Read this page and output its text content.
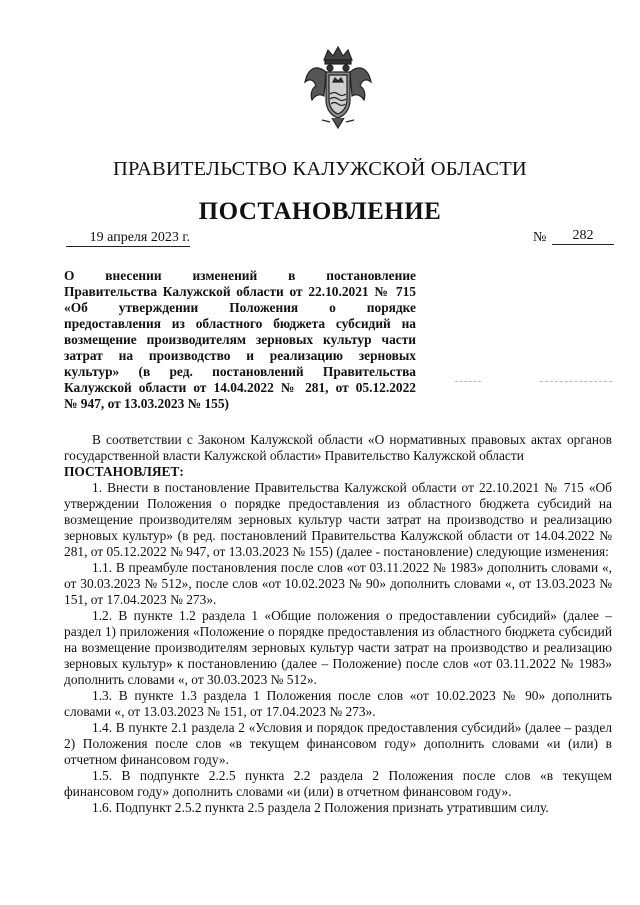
ПРАВИТЕЛЬСТВО КАЛУЖСКОЙ ОБЛАСТИ
ПОСТАНОВЛЕНИЕ
19 апреля 2023 г.	№	282
О внесении изменений в постановление
Правительства Калужской области от 22.10.2021 № 715
«Об утверждении Положения о порядке
предоставления из областного бюджета субсидий на
возмещение производителям зерновых культур части
затрат на производство и реализацию зерновых
культур» (в ред. постановлений Правительства
Калужской области от 14.04.2022 № 281, от 05.12.2022
№ 947, от 13.03.2023 № 155)

В соответствии с Законом Калужской области «О нормативных правовых актах органов государственной власти Калужской области» Правительство Калужской области

ПОСТАНОВЛЯЕТ:

1. Внести в постановление Правительства Калужской области от 22.10.2021 № 715 «Об утверждении Положения о порядке предоставления из областного бюджета субсидий на возмещение производителям зерновых культур части затрат на производство и реализацию зерновых культур» (в ред. постановлений Правительства Калужской области от 14.04.2022 № 281, от 05.12.2022 № 947, от 13.03.2023 № 155) (далее - постановление) следующие изменения:

1.1. В преамбуле постановления после слов «от 03.11.2022 № 1983» дополнить словами «, от 30.03.2023 № 512», после слов «от 10.02.2023 № 90» дополнить словами «, от 13.03.2023 № 151, от 17.04.2023 № 273».

1.2. В пункте 1.2 раздела 1 «Общие положения о предоставлении субсидий» (далее – раздел 1) приложения «Положение о порядке предоставления из областного бюджета субсидий на возмещение производителям зерновых культур части затрат на производство и реализацию зерновых культур» к постановлению (далее – Положение) после слов «от 03.11.2022 № 1983» дополнить словами «, от 30.03.2023 № 512».

1.3. В пункте 1.3 раздела 1 Положения после слов «от 10.02.2023 № 90» дополнить словами «, от 13.03.2023 № 151, от 17.04.2023 № 273».

1.4. В пункте 2.1 раздела 2 «Условия и порядок предоставления субсидий» (далее – раздел 2) Положения после слов «в текущем финансовом году» дополнить словами «и (или) в отчетном финансовом году».

1.5. В подпункте 2.2.5 пункта 2.2 раздела 2 Положения после слов «в текущем финансовом году» дополнить словами «и (или) в отчетном финансовом году».

1.6. Подпункт 2.5.2 пункта 2.5 раздела 2 Положения признать утратившим силу.
